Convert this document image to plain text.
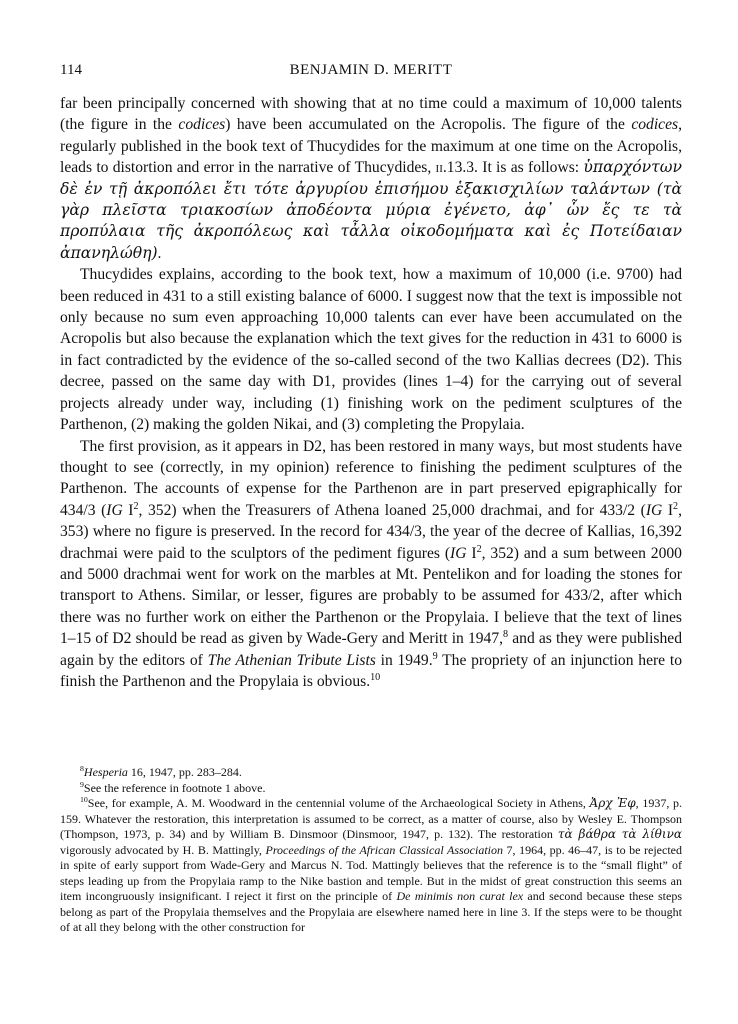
114	BENJAMIN D. MERITT

far been principally concerned with showing that at no time could a maximum of 10,000 talents (the figure in the codices) have been accumulated on the Acropolis. The figure of the codices, regularly published in the book text of Thucydides for the maximum at one time on the Acropolis, leads to distortion and error in the narrative of Thucydides, ii.13.3. It is as follows: ὑπαρχόντων δὲ ἐν τῇ ἀκροπόλει ἔτι τότε ἀργυρίου ἐπισήμου ἑξακισχιλίων ταλάντων (τὰ γὰρ πλεῖστα τριακοσίων ἀποδέοντα μύρια ἐγένετο, ἀφ᾽ ὧν ἔς τε τὰ προπύλαια τῆς ἀκροπόλεως καὶ τἆλλα οἰκοδομήματα καὶ ἐς Ποτείδαιαν ἀπανηλώθη).

Thucydides explains, according to the book text, how a maximum of 10,000 (i.e. 9700) had been reduced in 431 to a still existing balance of 6000. I suggest now that the text is impossible not only because no sum even approaching 10,000 talents can ever have been accumulated on the Acropolis but also because the explanation which the text gives for the reduction in 431 to 6000 is in fact contradicted by the evidence of the so-called second of the two Kallias decrees (D2). This decree, passed on the same day with D1, provides (lines 1–4) for the carrying out of several projects already under way, including (1) finishing work on the pediment sculptures of the Parthenon, (2) making the golden Nikai, and (3) completing the Propylaia.

The first provision, as it appears in D2, has been restored in many ways, but most students have thought to see (correctly, in my opinion) reference to finishing the pediment sculptures of the Parthenon. The accounts of expense for the Parthenon are in part preserved epigraphically for 434/3 (IG $I^2$, 352) when the Treasurers of Athena loaned 25,000 drachmai, and for 433/2 (IG $I^2$, 353) where no figure is preserved. In the record for 434/3, the year of the decree of Kallias, 16,392 drachmai were paid to the sculptors of the pediment figures (IG $I^2$, 352) and a sum between 2000 and 5000 drachmai went for work on the marbles at Mt. Pentelikon and for loading the stones for transport to Athens. Similar, or lesser, figures are probably to be assumed for 433/2, after which there was no further work on either the Parthenon or the Propylaia. I believe that the text of lines 1–15 of D2 should be read as given by Wade-Gery and Meritt in 1947,$^8$ and as they were published again by the editors of The Athenian Tribute Lists in 1949.$^9$ The propriety of an injunction here to finish the Parthenon and the Propylaia is obvious.$^{10}$

$^8$Hesperia 16, 1947, pp. 283–284.

$^9$See the reference in footnote 1 above.

$^{10}$See, for example, A. M. Woodward in the centennial volume of the Archaeological Society in Athens, Ἀρχ Ἐφ, 1937, p. 159. Whatever the restoration, this interpretation is assumed to be correct, as a matter of course, also by Wesley E. Thompson (Thompson, 1973, p. 34) and by William B. Dinsmoor (Dinsmoor, 1947, p. 132). The restoration τὰ βάθρα τὰ λίθινα vigorously advocated by H. B. Mattingly, Proceedings of the African Classical Association 7, 1964, pp. 46–47, is to be rejected in spite of early support from Wade-Gery and Marcus N. Tod. Mattingly believes that the reference is to the “small flight” of steps leading up from the Propylaia ramp to the Nike bastion and temple. But in the midst of great construction this seems an item incongruously insignificant. I reject it first on the principle of De minimis non curat lex and second because these steps belong as part of the Propylaia themselves and the Propylaia are elsewhere named here in line 3. If the steps were to be thought of at all they belong with the other construction for
